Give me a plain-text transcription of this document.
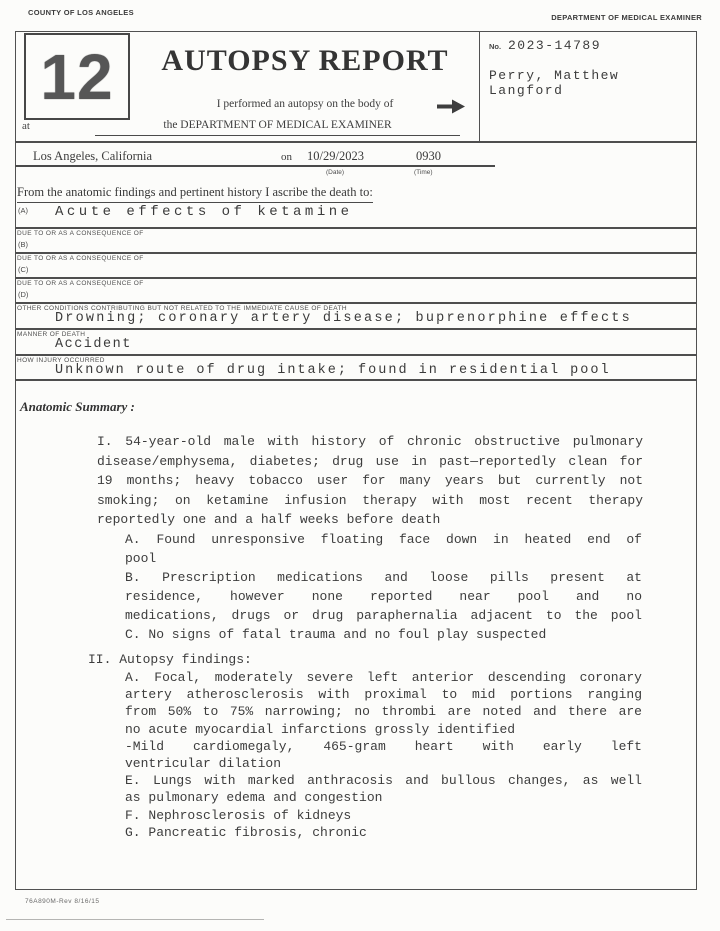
COUNTY OF LOS ANGELES
DEPARTMENT OF MEDICAL EXAMINER
12
at
AUTOPSY REPORT
I performed an autopsy on the body of
the DEPARTMENT OF MEDICAL EXAMINER
No. 2023-14789
Perry, Matthew Langford
Los Angeles, California	on 10/29/2023	0930
(Date)	(Time)
From the anatomic findings and pertinent history I ascribe the death to:
(A) Acute effects of ketamine
DUE TO OR AS A CONSEQUENCE OF
(B)
DUE TO OR AS A CONSEQUENCE OF
(C)
DUE TO OR AS A CONSEQUENCE OF
(D)
OTHER CONDITIONS CONTRIBUTING BUT NOT RELATED TO THE IMMEDIATE CAUSE OF DEATH
Drowning; coronary artery disease; buprenorphine effects
MANNER OF DEATH
Accident
HOW INJURY OCCURRED
Unknown route of drug intake; found in residential pool
Anatomic Summary :
I. 54-year-old male with history of chronic obstructive pulmonary
disease/emphysema, diabetes; drug use in past—reportedly clean for
19 months; heavy tobacco user for many years but currently not
smoking; on ketamine infusion therapy with most recent therapy
reportedly one and a half weeks before death
A. Found unresponsive floating face down in heated end of
pool
B. Prescription medications and loose pills present at
residence, however none reported near pool and no
medications, drugs or drug paraphernalia adjacent to the pool
C. No signs of fatal trauma and no foul play suspected
II. Autopsy findings:
A. Focal, moderately severe left anterior descending coronary
artery atherosclerosis with proximal to mid portions ranging
from 50% to 75% narrowing; no thrombi are noted and there are
no acute myocardial infarctions grossly identified
-Mild cardiomegaly, 465-gram heart with early left
ventricular dilation
E. Lungs with marked anthracosis and bullous changes, as well
as pulmonary edema and congestion
F. Nephrosclerosis of kidneys
G. Pancreatic fibrosis, chronic
76A890M-Rev 8/16/15
